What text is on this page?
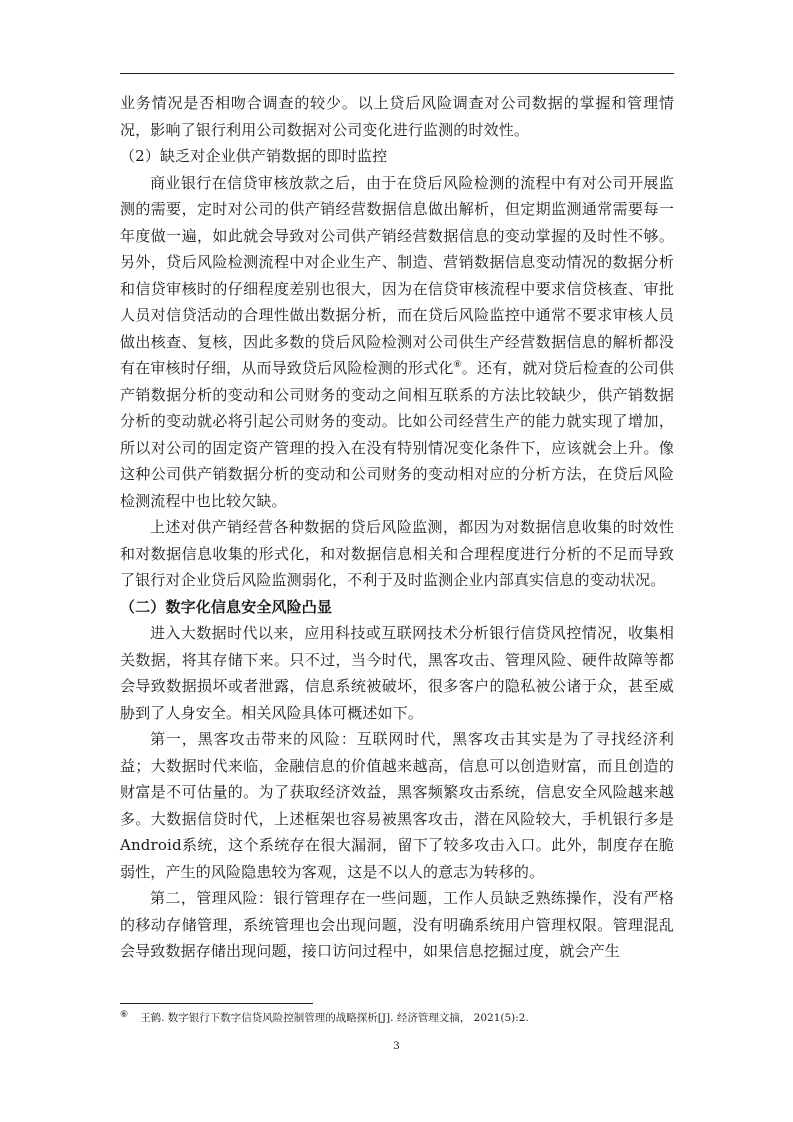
业务情况是否相吻合调查的较少。以上贷后风险调查对公司数据的掌握和管理情况，影响了银行利用公司数据对公司变化进行监测的时效性。

（2）缺乏对企业供产销数据的即时监控

商业银行在信贷审核放款之后，由于在贷后风险检测的流程中有对公司开展监测的需要，定时对公司的供产销经营数据信息做出解析，但定期监测通常需要每一年度做一遍，如此就会导致对公司供产销经营数据信息的变动掌握的及时性不够。另外，贷后风险检测流程中对企业生产、制造、营销数据信息变动情况的数据分析和信贷审核时的仔细程度差别也很大，因为在信贷审核流程中要求信贷核查、审批人员对信贷活动的合理性做出数据分析，而在贷后风险监控中通常不要求审核人员做出核查、复核，因此多数的贷后风险检测对公司供生产经营数据信息的解析都没有在审核时仔细，从而导致贷后风险检测的形式化⑥。还有，就对贷后检查的公司供产销数据分析的变动和公司财务的变动之间相互联系的方法比较缺少，供产销数据分析的变动就必将引起公司财务的变动。比如公司经营生产的能力就实现了增加，所以对公司的固定资产管理的投入在没有特别情况变化条件下，应该就会上升。像这种公司供产销数据分析的变动和公司财务的变动相对应的分析方法，在贷后风险检测流程中也比较欠缺。

上述对供产销经营各种数据的贷后风险监测，都因为对数据信息收集的时效性和对数据信息收集的形式化，和对数据信息相关和合理程度进行分析的不足而导致了银行对企业贷后风险监测弱化，不利于及时监测企业内部真实信息的变动状况。

（二）数字化信息安全风险凸显

进入大数据时代以来，应用科技或互联网技术分析银行信贷风控情况，收集相关数据，将其存储下来。只不过，当今时代，黑客攻击、管理风险、硬件故障等都会导致数据损坏或者泄露，信息系统被破坏，很多客户的隐私被公诸于众，甚至威胁到了人身安全。相关风险具体可概述如下。

第一，黑客攻击带来的风险：互联网时代，黑客攻击其实是为了寻找经济利益；大数据时代来临，金融信息的价值越来越高，信息可以创造财富，而且创造的财富是不可估量的。为了获取经济效益，黑客频繁攻击系统，信息安全风险越来越多。大数据信贷时代，上述框架也容易被黑客攻击，潜在风险较大，手机银行多是Android系统，这个系统存在很大漏洞，留下了较多攻击入口。此外，制度存在脆弱性，产生的风险隐患较为客观，这是不以人的意志为转移的。

第二，管理风险：银行管理存在一些问题，工作人员缺乏熟练操作，没有严格的移动存储管理，系统管理也会出现问题，没有明确系统用户管理权限。管理混乱会导致数据存储出现问题，接口访问过程中，如果信息挖掘过度，就会产生

⑥ 王鹤. 数字银行下数字信贷风险控制管理的战略探析[J]. 经济管理文摘， 2021(5):2.
3
